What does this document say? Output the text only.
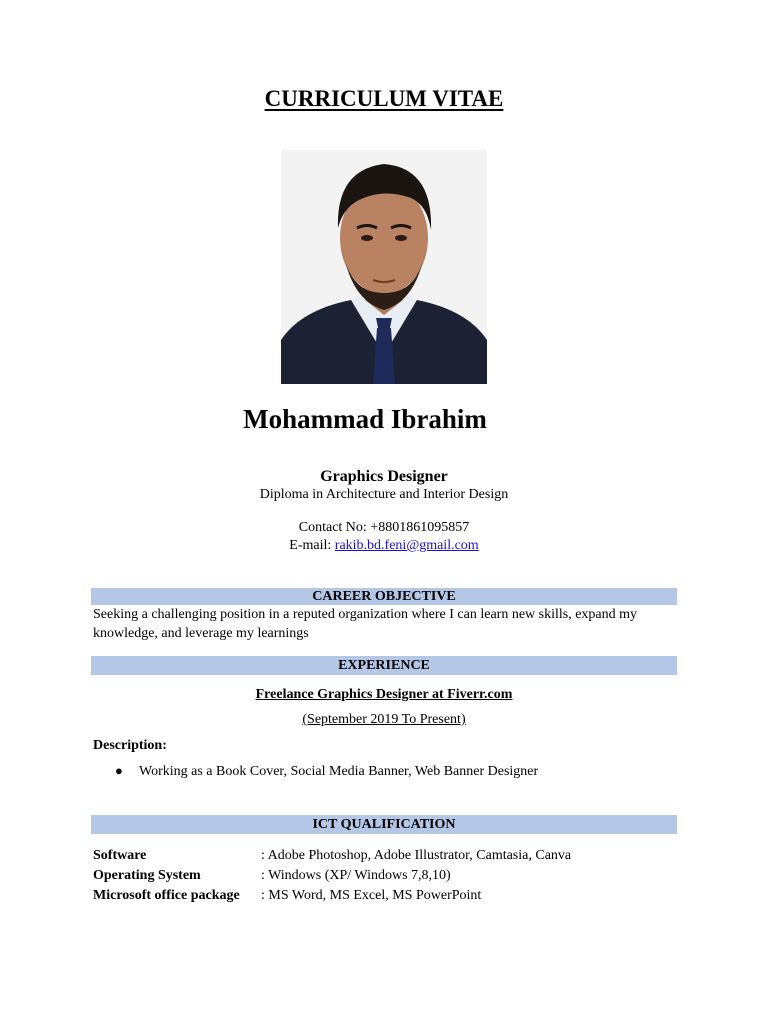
CURRICULUM VITAE
Mohammad Ibrahim
Graphics Designer
Diploma in Architecture and Interior Design
Contact No: +8801861095857
E-mail: rakib.bd.feni@gmail.com
CAREER OBJECTIVE
Seeking a challenging position in a reputed organization where I can learn new skills, expand my knowledge, and leverage my learnings
EXPERIENCE
Freelance Graphics Designer at Fiverr.com
(September 2019 To Present)
Description:
●	Working as a Book Cover, Social Media Banner, Web Banner Designer
ICT QUALIFICATION
Software	: Adobe Photoshop, Adobe Illustrator, Camtasia, Canva
Operating System	: Windows (XP/ Windows 7,8,10)
Microsoft office package	: MS Word, MS Excel, MS PowerPoint
